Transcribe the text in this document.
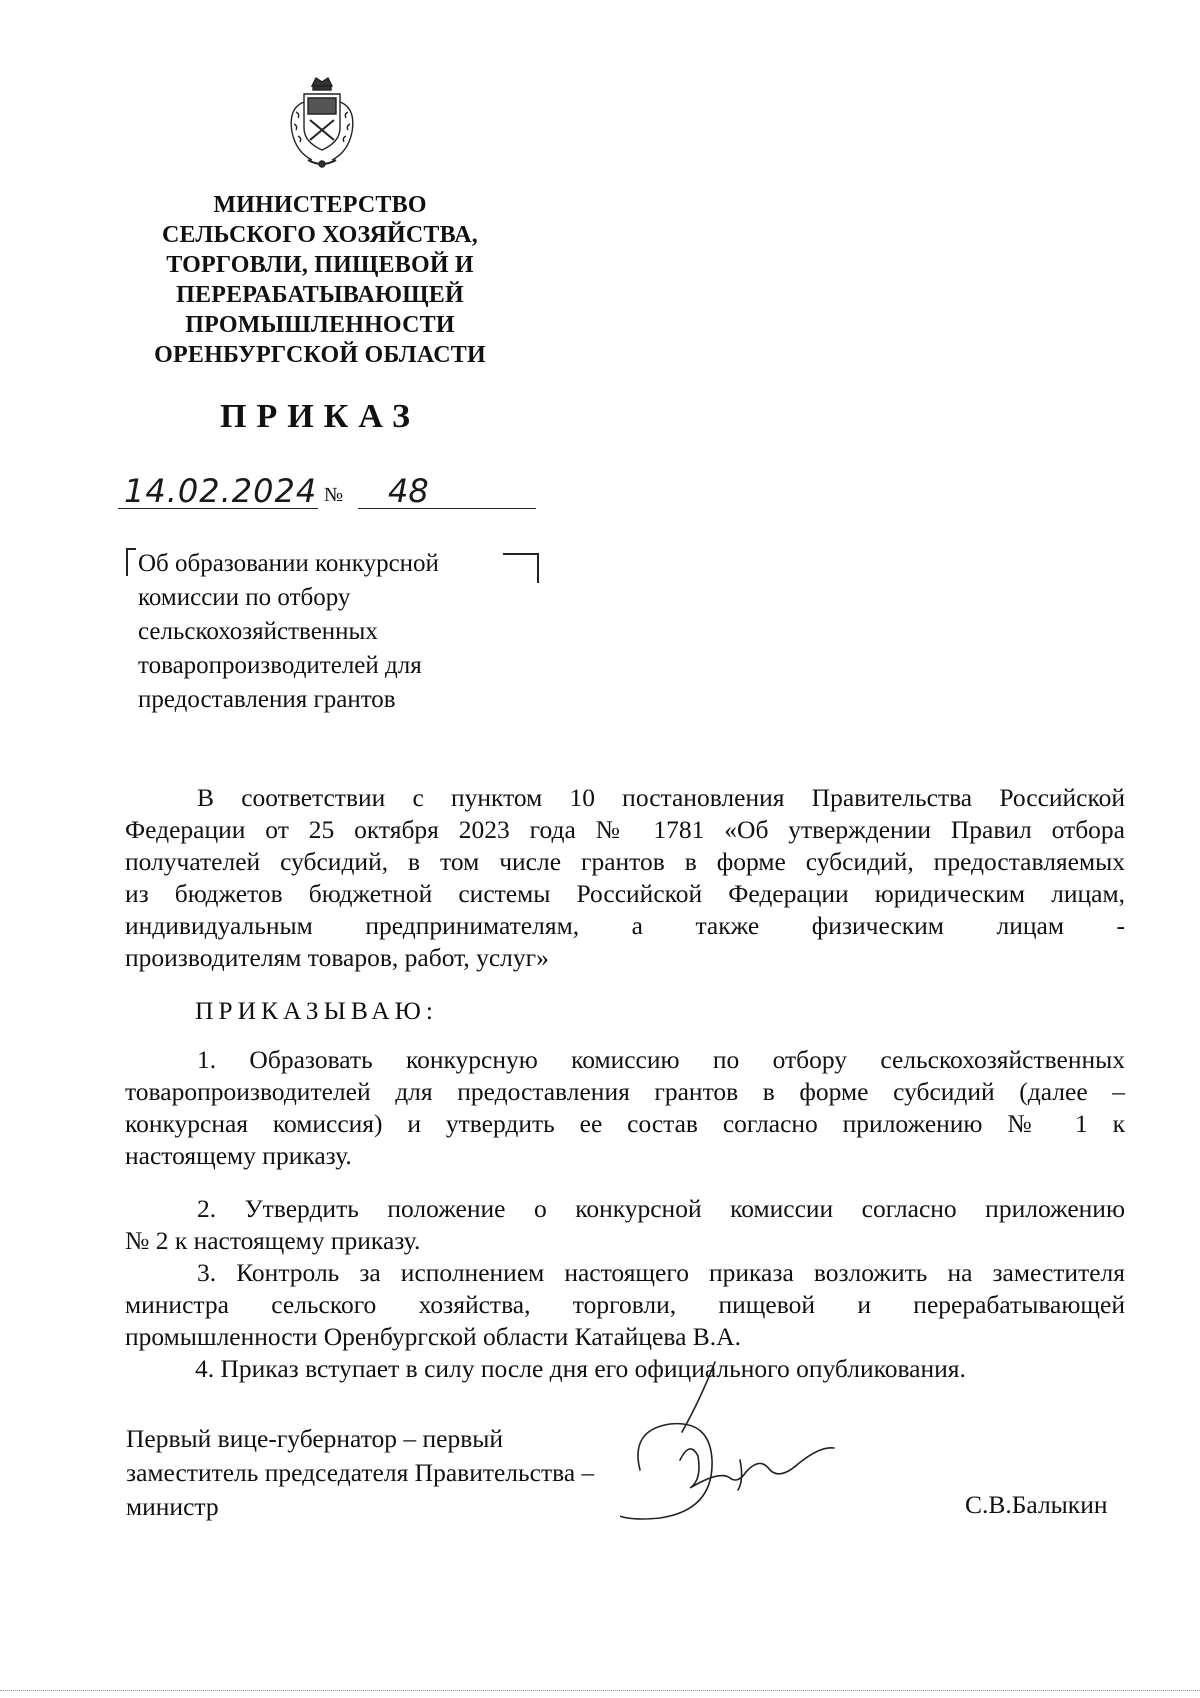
МИНИСТЕРСТВО
СЕЛЬСКОГО ХОЗЯЙСТВА,
ТОРГОВЛИ, ПИЩЕВОЙ И
ПЕРЕРАБАТЫВАЮЩЕЙ
ПРОМЫШЛЕННОСТИ
ОРЕНБУРГСКОЙ ОБЛАСТИ
ПРИКАЗ
14.02.2024 № 48
Об образовании конкурсной
комиссии по отбору
сельскохозяйственных
товаропроизводителей для
предоставления грантов
В соответствии с пунктом 10 постановления Правительства Российской
Федерации от 25 октября 2023 года № 1781 «Об утверждении Правил отбора
получателей субсидий, в том числе грантов в форме субсидий, предоставляемых
из бюджетов бюджетной системы Российской Федерации юридическим лицам,
индивидуальным предпринимателям, а также физическим лицам -
производителям товаров, работ, услуг»
ПРИКАЗЫВАЮ:
1. Образовать конкурсную комиссию по отбору сельскохозяйственных
товаропроизводителей для предоставления грантов в форме субсидий (далее –
конкурсная комиссия) и утвердить ее состав согласно приложению № 1 к
настоящему приказу.
2. Утвердить положение о конкурсной комиссии согласно приложению
№ 2 к настоящему приказу.
3. Контроль за исполнением настоящего приказа возложить на заместителя
министра сельского хозяйства, торговли, пищевой и перерабатывающей
промышленности Оренбургской области Катайцева В.А.
4. Приказ вступает в силу после дня его официального опубликования.
Первый вице-губернатор – первый
заместитель председателя Правительства –
министр	С.В.Балыкин
